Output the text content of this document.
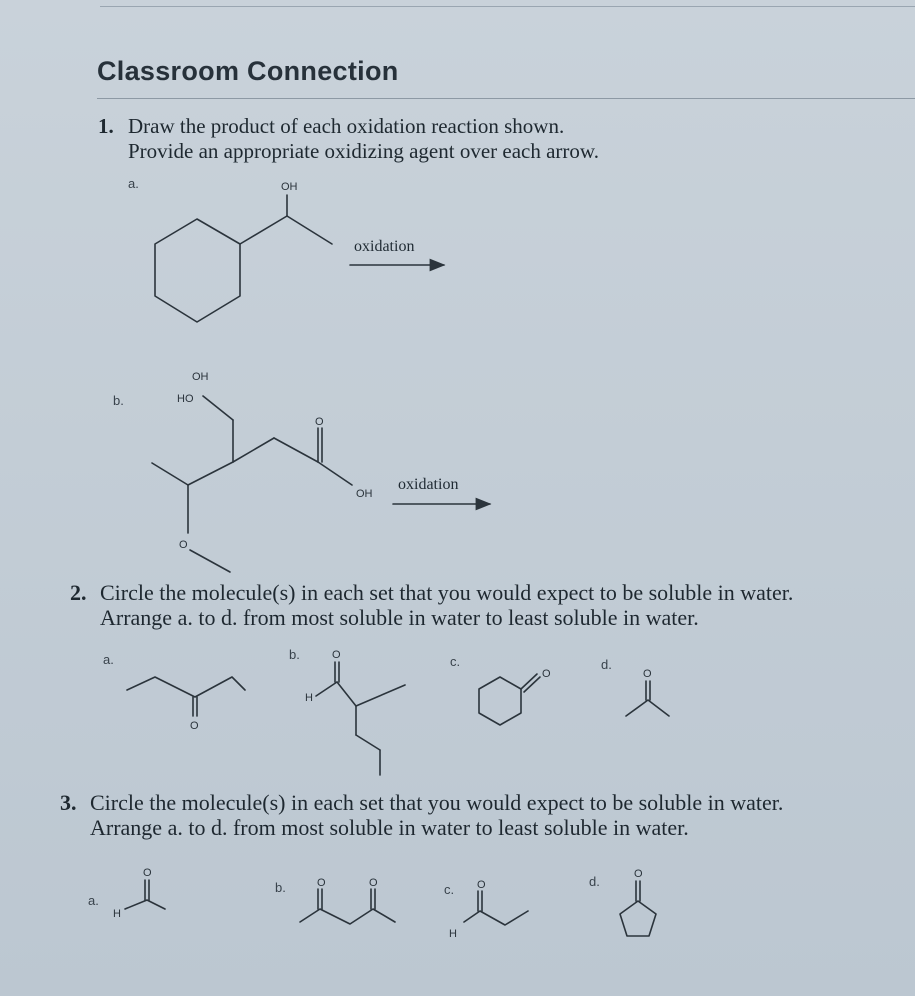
Classroom Connection
1. Draw the product of each oxidation reaction shown.
Provide an appropriate oxidizing agent over each arrow.
a.
b.
oxidation
oxidation
OH
OH
HO
O
OH
O
O
O
H
O	O
O
H
O	O	O
H
O
2. Circle the molecule(s) in each set that you would expect to be soluble in water.
Arrange a. to d. from most soluble in water to least soluble in water.
a.	b.	c.	d.
3. Circle the molecule(s) in each set that you would expect to be soluble in water.
Arrange a. to d. from most soluble in water to least soluble in water.
a.
b.	c.
d.
